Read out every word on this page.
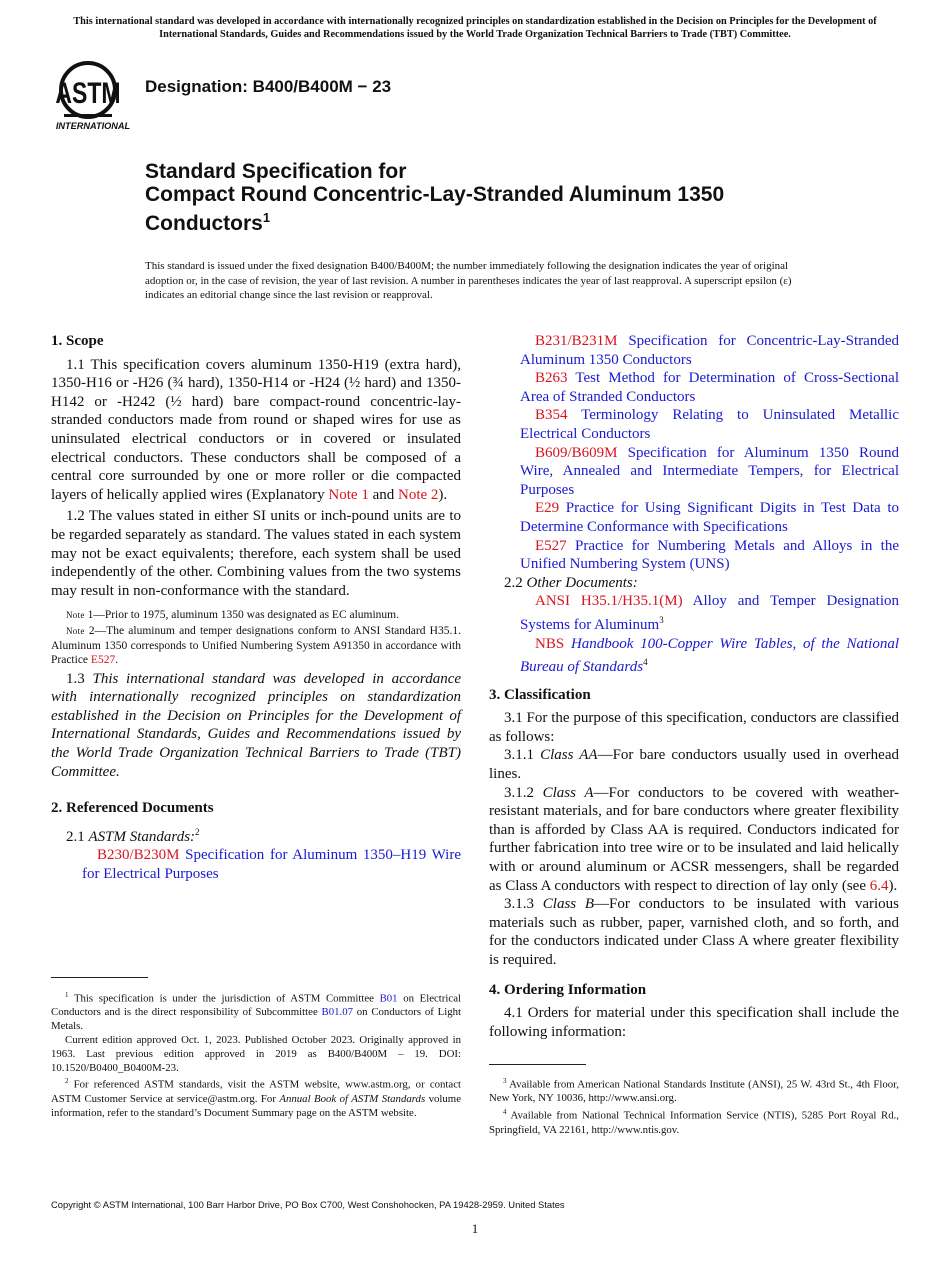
This international standard was developed in accordance with internationally recognized principles on standardization established in the Decision on Principles for the Development of International Standards, Guides and Recommendations issued by the World Trade Organization Technical Barriers to Trade (TBT) Committee.
ASTM
INTERNATIONAL
Designation: B400/B400M − 23
Standard Specification for
Compact Round Concentric-Lay-Stranded Aluminum 1350
Conductors$^1$
This standard is issued under the fixed designation B400/B400M; the number immediately following the designation indicates the year of original adoption or, in the case of revision, the year of last revision. A number in parentheses indicates the year of last reapproval. A superscript epsilon (ε) indicates an editorial change since the last revision or reapproval.
1. Scope

1.1 This specification covers aluminum 1350-H19 (extra hard), 1350-H16 or -H26 (¾ hard), 1350-H14 or -H24 (½ hard) and 1350-H142 or -H242 (½ hard) bare compact-round concentric-lay-stranded conductors made from round or shaped wires for use as uninsulated electrical conductors or in covered or insulated electrical conductors. These conductors shall be composed of a central core surrounded by one or more roller or die compacted layers of helically applied wires (Explanatory Note 1 and Note 2).

1.2 The values stated in either SI units or inch-pound units are to be regarded separately as standard. The values stated in each system may not be exact equivalents; therefore, each system shall be used independently of the other. Combining values from the two systems may result in non-conformance with the standard.

Note 1—Prior to 1975, aluminum 1350 was designated as EC aluminum.

Note 2—The aluminum and temper designations conform to ANSI Standard H35.1. Aluminum 1350 corresponds to Unified Numbering System A91350 in accordance with Practice E527.

1.3 This international standard was developed in accordance with internationally recognized principles on standardization established in the Decision on Principles for the Development of International Standards, Guides and Recommendations issued by the World Trade Organization Technical Barriers to Trade (TBT) Committee.

2. Referenced Documents

2.1 ASTM Standards:$^2$

B230/B230M Specification for Aluminum 1350–H19 Wire for Electrical Purposes

B231/B231M Specification for Concentric-Lay-Stranded Aluminum 1350 Conductors

B263 Test Method for Determination of Cross-Sectional Area of Stranded Conductors

B354 Terminology Relating to Uninsulated Metallic Electrical Conductors

B609/B609M Specification for Aluminum 1350 Round Wire, Annealed and Intermediate Tempers, for Electrical Purposes

E29 Practice for Using Significant Digits in Test Data to Determine Conformance with Specifications

E527 Practice for Numbering Metals and Alloys in the Unified Numbering System (UNS)

2.2 Other Documents:

ANSI H35.1/H35.1(M) Alloy and Temper Designation Systems for Aluminum$^3$

NBS Handbook 100-Copper Wire Tables, of the National Bureau of Standards$^4$

3. Classification

3.1 For the purpose of this specification, conductors are classified as follows:

3.1.1 Class AA—For bare conductors usually used in overhead lines.

3.1.2 Class A—For conductors to be covered with weather-resistant materials, and for bare conductors where greater flexibility than is afforded by Class AA is required. Conductors indicated for further fabrication into tree wire or to be insulated and laid helically with or around aluminum or ACSR messengers, shall be regarded as Class A conductors with respect to direction of lay only (see 6.4).

3.1.3 Class B—For conductors to be insulated with various materials such as rubber, paper, varnished cloth, and so forth, and for the conductors indicated under Class A where greater flexibility is required.

4. Ordering Information

4.1 Orders for material under this specification shall include the following information:

$^1$ This specification is under the jurisdiction of ASTM Committee B01 on Electrical Conductors and is the direct responsibility of Subcommittee B01.07 on Conductors of Light Metals.

Current edition approved Oct. 1, 2023. Published October 2023. Originally approved in 1963. Last previous edition approved in 2019 as B400/B400M – 19. DOI: 10.1520/B0400_B0400M-23.

$^2$ For referenced ASTM standards, visit the ASTM website, www.astm.org, or contact ASTM Customer Service at service@astm.org. For Annual Book of ASTM Standards volume information, refer to the standard’s Document Summary page on the ASTM website.

$^3$ Available from American National Standards Institute (ANSI), 25 W. 43rd St., 4th Floor, New York, NY 10036, http://www.ansi.org.

$^4$ Available from National Technical Information Service (NTIS), 5285 Port Royal Rd., Springfield, VA 22161, http://www.ntis.gov.

Copyright © ASTM International, 100 Barr Harbor Drive, PO Box C700, West Conshohocken, PA 19428-2959. United States
1
